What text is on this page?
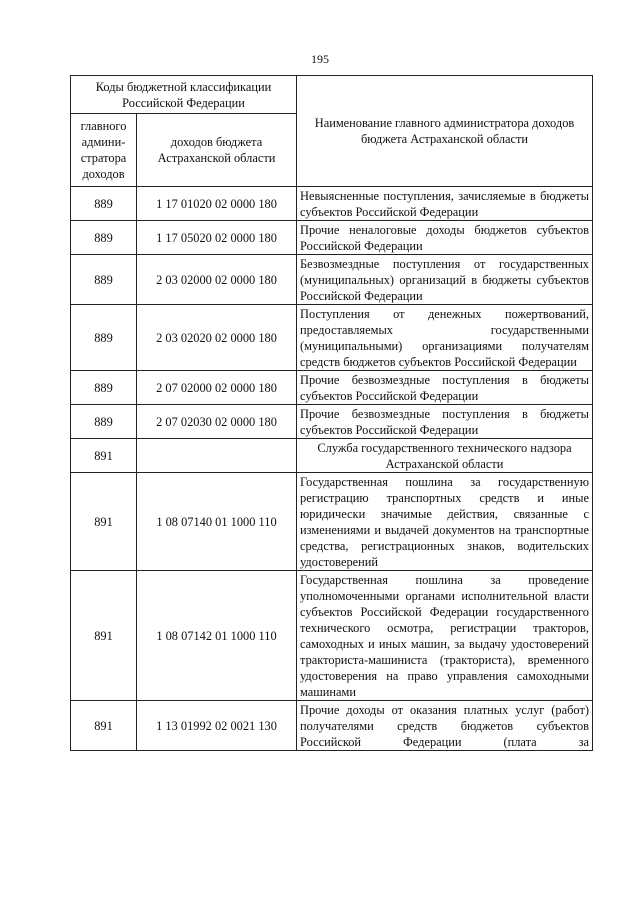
195
Коды бюджетной классификации Российской Федерации		Наименование главного администратора доходов бюджета Астраханской области
главного админи-стратора доходов	доходов бюджета Астраханской области	
889	1 17 01020 02 0000 180	Невыясненные поступления, зачисляемые в бюджеты субъектов Российской Федерации
889	1 17 05020 02 0000 180	Прочие неналоговые доходы бюджетов субъектов Российской Федерации
889	2 03 02000 02 0000 180	Безвозмездные поступления от государственных (муниципальных) организаций в бюджеты субъектов Российской Федерации
889	2 03 02020 02 0000 180	Поступления от денежных пожертвований, предоставляемых государственными (муниципальными) организациями получателям средств бюджетов субъектов Российской Федерации
889	2 07 02000 02 0000 180	Прочие безвозмездные поступления в бюджеты субъектов Российской Федерации
889	2 07 02030 02 0000 180	Прочие безвозмездные поступления в бюджеты субъектов Российской Федерации
891		Служба государственного технического надзора Астраханской области
891	1 08 07140 01 1000 110	Государственная пошлина за государственную регистрацию транспортных средств и иные юридически значимые действия, связанные с изменениями и выдачей документов на транспортные средства, регистрационных знаков, водительских удостоверений
891	1 08 07142 01 1000 110	Государственная пошлина за проведение уполномоченными органами исполнительной власти субъектов Российской Федерации государственного технического осмотра, регистрации тракторов, самоходных и иных машин, за выдачу удостоверений тракториста-машиниста (тракториста), временного удостоверения на право управления самоходными машинами
891	1 13 01992 02 0021 130	Прочие доходы от оказания платных услуг (работ) получателями средств бюджетов субъектов Российской Федерации (плата за
